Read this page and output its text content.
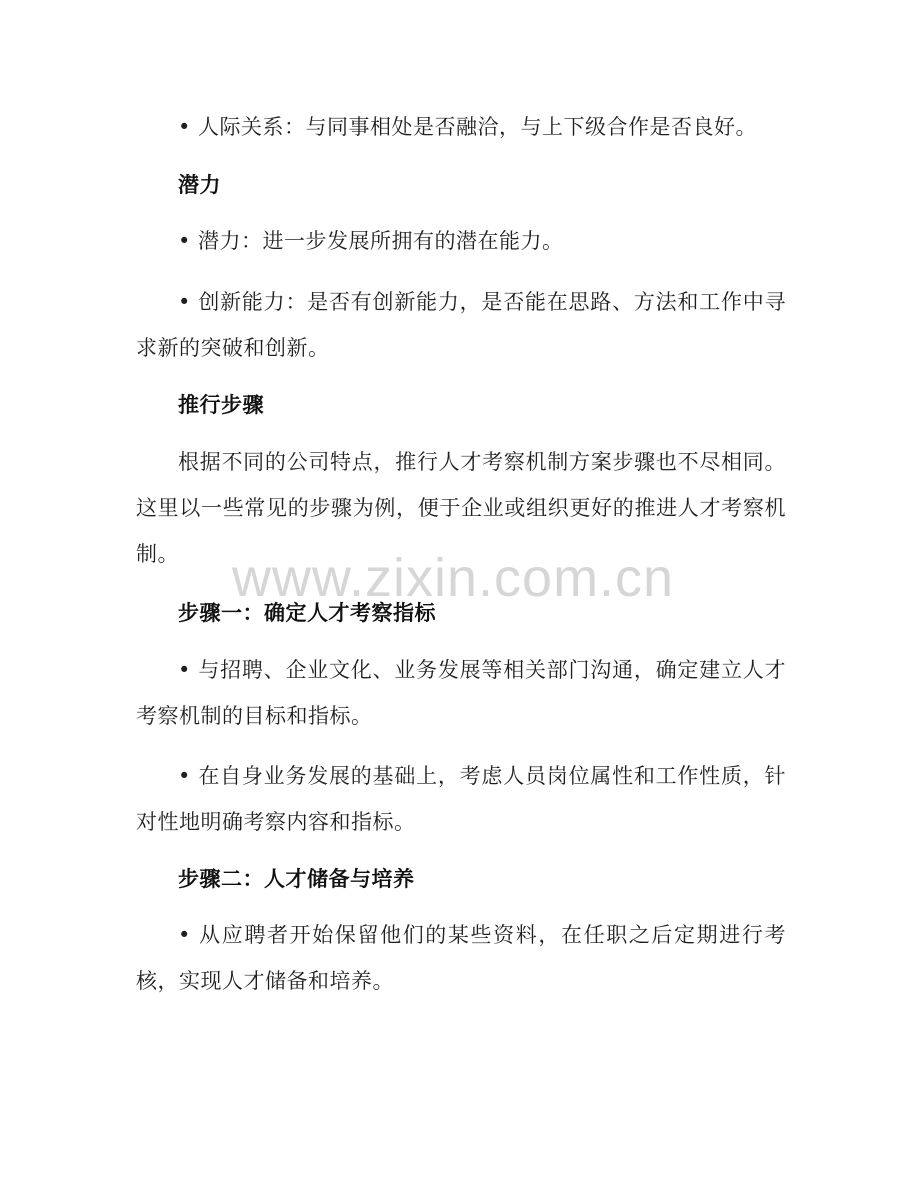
• 人际关系：与同事相处是否融洽，与上下级合作是否良好。

潜力

• 潜力：进一步发展所拥有的潜在能力。

• 创新能力：是否有创新能力，是否能在思路、方法和工作中寻求新的突破和创新。

推行步骤

根据不同的公司特点，推行人才考察机制方案步骤也不尽相同。这里以一些常见的步骤为例，便于企业或组织更好的推进人才考察机制。

步骤一：确定人才考察指标

• 与招聘、企业文化、业务发展等相关部门沟通，确定建立人才考察机制的目标和指标。

• 在自身业务发展的基础上，考虑人员岗位属性和工作性质，针对性地明确考察内容和指标。

步骤二：人才储备与培养

• 从应聘者开始保留他们的某些资料，在任职之后定期进行考核，实现人才储备和培养。

www.zixin.com.cn
